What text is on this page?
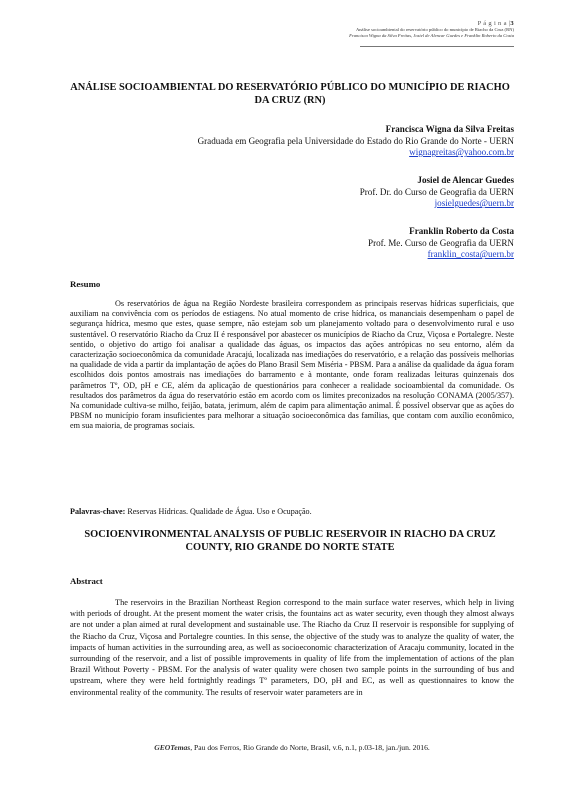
P á g i n a |3
Análise socioambiental do reservatório público do município de Riacho da Cruz (RN)
Francisca Wigna da Silva Freitas, Josiel de Alencar Guedes e Franklin Roberto da Costa
ANÁLISE SOCIOAMBIENTAL DO RESERVATÓRIO PÚBLICO DO MUNICÍPIO DE RIACHO DA CRUZ (RN)
Francisca Wigna da Silva Freitas
Graduada em Geografia pela Universidade do Estado do Rio Grande do Norte - UERN
wignagreitas@yahoo.com.br
Josiel de Alencar Guedes
Prof. Dr. do Curso de Geografia da UERN
josielguedes@uern.br
Franklin Roberto da Costa
Prof. Me. Curso de Geografia da UERN
franklin_costa@uern.br
Resumo

Os reservatórios de água na Região Nordeste brasileira correspondem as principais reservas hídricas superficiais, que auxiliam na convivência com os períodos de estiagens. No atual momento de crise hídrica, os mananciais desempenham o papel de segurança hídrica, mesmo que estes, quase sempre, não estejam sob um planejamento voltado para o desenvolvimento rural e uso sustentável. O reservatório Riacho da Cruz II é responsável por abastecer os municípios de Riacho da Cruz, Viçosa e Portalegre. Neste sentido, o objetivo do artigo foi analisar a qualidade das águas, os impactos das ações antrópicas no seu entorno, além da caracterização socioeconômica da comunidade Aracajú, localizada nas imediações do reservatório, e a relação das possíveis melhorias na qualidade de vida a partir da implantação de ações do Plano Brasil Sem Miséria - PBSM. Para a análise da qualidade da água foram escolhidos dois pontos amostrais nas imediações do barramento e à montante, onde foram realizadas leituras quinzenais dos parâmetros Tº, OD, pH e CE, além da aplicação de questionários para conhecer a realidade socioambiental da comunidade. Os resultados dos parâmetros da água do reservatório estão em acordo com os limites preconizados na resolução CONAMA (2005/357). Na comunidade cultiva-se milho, feijão, batata, jerimum, além de capim para alimentação animal. É possível observar que as ações do PBSM no município foram insuficientes para melhorar a situação socioeconômica das famílias, que contam com auxílio econômico, em sua maioria, de programas sociais.

Palavras-chave: Reservas Hídricas. Qualidade de Água. Uso e Ocupação.
SOCIOENVIRONMENTAL ANALYSIS OF PUBLIC RESERVOIR IN RIACHO DA CRUZ COUNTY, RIO GRANDE DO NORTE STATE
Abstract

The reservoirs in the Brazilian Northeast Region correspond to the main surface water reserves, which help in living with periods of drought. At the present moment the water crisis, the fountains act as water security, even though they almost always are not under a plan aimed at rural development and sustainable use. The Riacho da Cruz II reservoir is responsible for supplying of the Riacho da Cruz, Viçosa and Portalegre counties. In this sense, the objective of the study was to analyze the quality of water, the impacts of human activities in the surrounding area, as well as socioeconomic characterization of Aracaju community, located in the surrounding of the reservoir, and a list of possible improvements in quality of life from the implementation of actions of the plan Brazil Without Poverty - PBSM. For the analysis of water quality were chosen two sample points in the surrounding of bus and upstream, where they were held fortnightly readings Tº parameters, DO, pH and EC, as well as questionnaires to know the environmental reality of the community. The results of reservoir water parameters are in

GEOTemas, Pau dos Ferros, Rio Grande do Norte, Brasil, v.6, n.1, p.03-18, jan./jun. 2016.
